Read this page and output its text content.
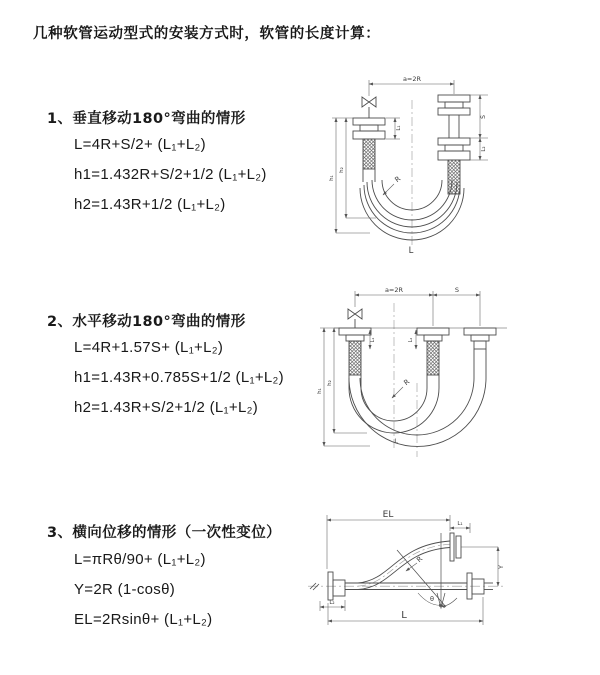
几种软管运动型式的安装方式时，软管的长度计算：
1、垂直移动180°弯曲的情形
L=4R+S/2+ (L₁+L₂)
h1=1.432R+S/2+1/2 (L₁+L₂)
h2=1.43R+1/2 (L₁+L₂)
a=2R
S
L₂
L₁
h₁
h₂
R
L
2、水平移动180°弯曲的情形
L=4R+1.57S+ (L₁+L₂)
h1=1.43R+0.785S+1/2 (L₁+L₂)
h2=1.43R+S/2+1/2 (L₁+L₂)
a=2R	S
h₁
h₂
L₁	L₂
R
L
3、横向位移的情形（一次性变位）
L=πRθ/90+ (L₁+L₂)
Y=2R (1-cosθ)
EL=2Rsinθ+ (L₁+L₂)
EL
L₁
Y
L₂
L
R
θ
